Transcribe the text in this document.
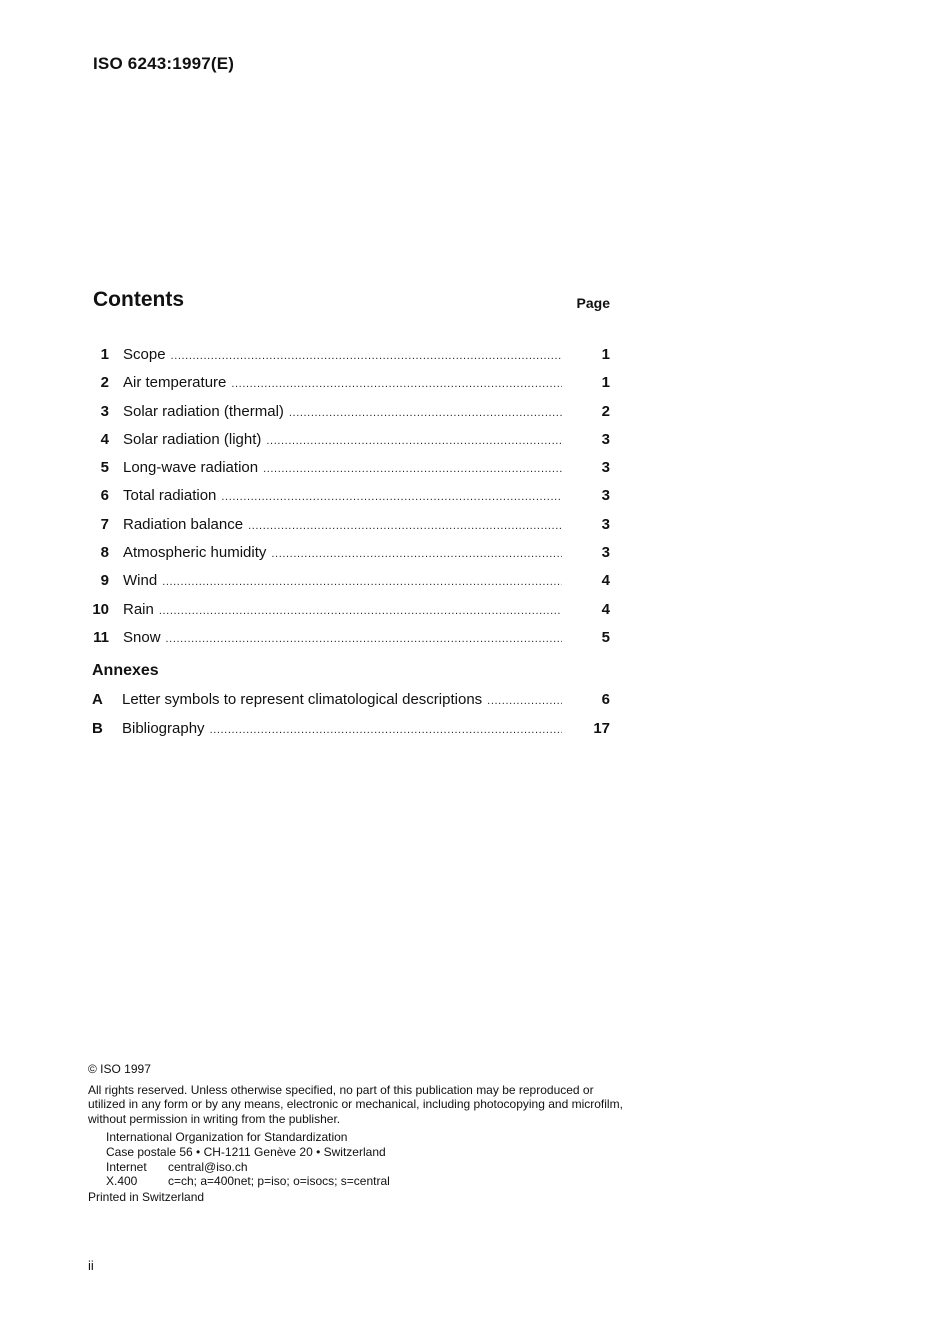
ISO 6243:1997(E)
Contents	Page
1 Scope .....	1
2 Air temperature .....	1
3 Solar radiation (thermal) .....	2
4 Solar radiation (light) .....	3
5 Long-wave radiation .....	3
6 Total radiation .....	3
7 Radiation balance .....	3
8 Atmospheric humidity .....	3
9 Wind .....	4
10 Rain .....	4
11 Snow .....	5
Annexes
A	Letter symbols to represent climatological descriptions .....	6
B	Bibliography .....	17
© ISO 1997
All rights reserved. Unless otherwise specified, no part of this publication may be reproduced or utilized in any form or by any means, electronic or mechanical, including photocopying and microfilm, without permission in writing from the publisher.
International Organization for Standardization
Case postale 56 • CH-1211 Genève 20 • Switzerland
Internet	central@iso.ch
X.400	c=ch; a=400net; p=iso; o=isocs; s=central
Printed in Switzerland
ii
